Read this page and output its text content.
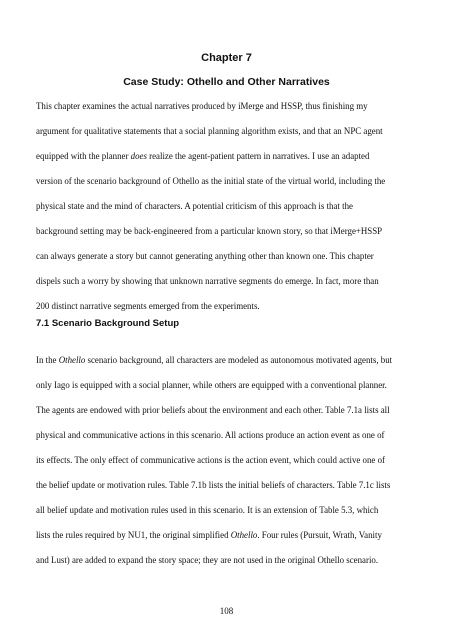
Chapter 7
Case Study: Othello and Other Narratives
This chapter examines the actual narratives produced by iMerge and HSSP, thus finishing my
argument for qualitative statements that a social planning algorithm exists, and that an NPC agent
equipped with the planner does realize the agent-patient pattern in narratives. I use an adapted
version of the scenario background of Othello as the initial state of the virtual world, including the
physical state and the mind of characters. A potential criticism of this approach is that the
background setting may be back-engineered from a particular known story, so that iMerge+HSSP
can always generate a story but cannot generating anything other than known one. This chapter
dispels such a worry by showing that unknown narrative segments do emerge. In fact, more than
200 distinct narrative segments emerged from the experiments.
7.1 Scenario Background Setup
In the Othello scenario background, all characters are modeled as autonomous motivated agents, but
only Iago is equipped with a social planner, while others are equipped with a conventional planner.
The agents are endowed with prior beliefs about the environment and each other. Table 7.1a lists all
physical and communicative actions in this scenario. All actions produce an action event as one of
its effects. The only effect of communicative actions is the action event, which could active one of
the belief update or motivation rules. Table 7.1b lists the initial beliefs of characters. Table 7.1c lists
all belief update and motivation rules used in this scenario. It is an extension of Table 5.3, which
lists the rules required by NU1, the original simplified Othello. Four rules (Pursuit, Wrath, Vanity
and Lust) are added to expand the story space; they are not used in the original Othello scenario.
108
